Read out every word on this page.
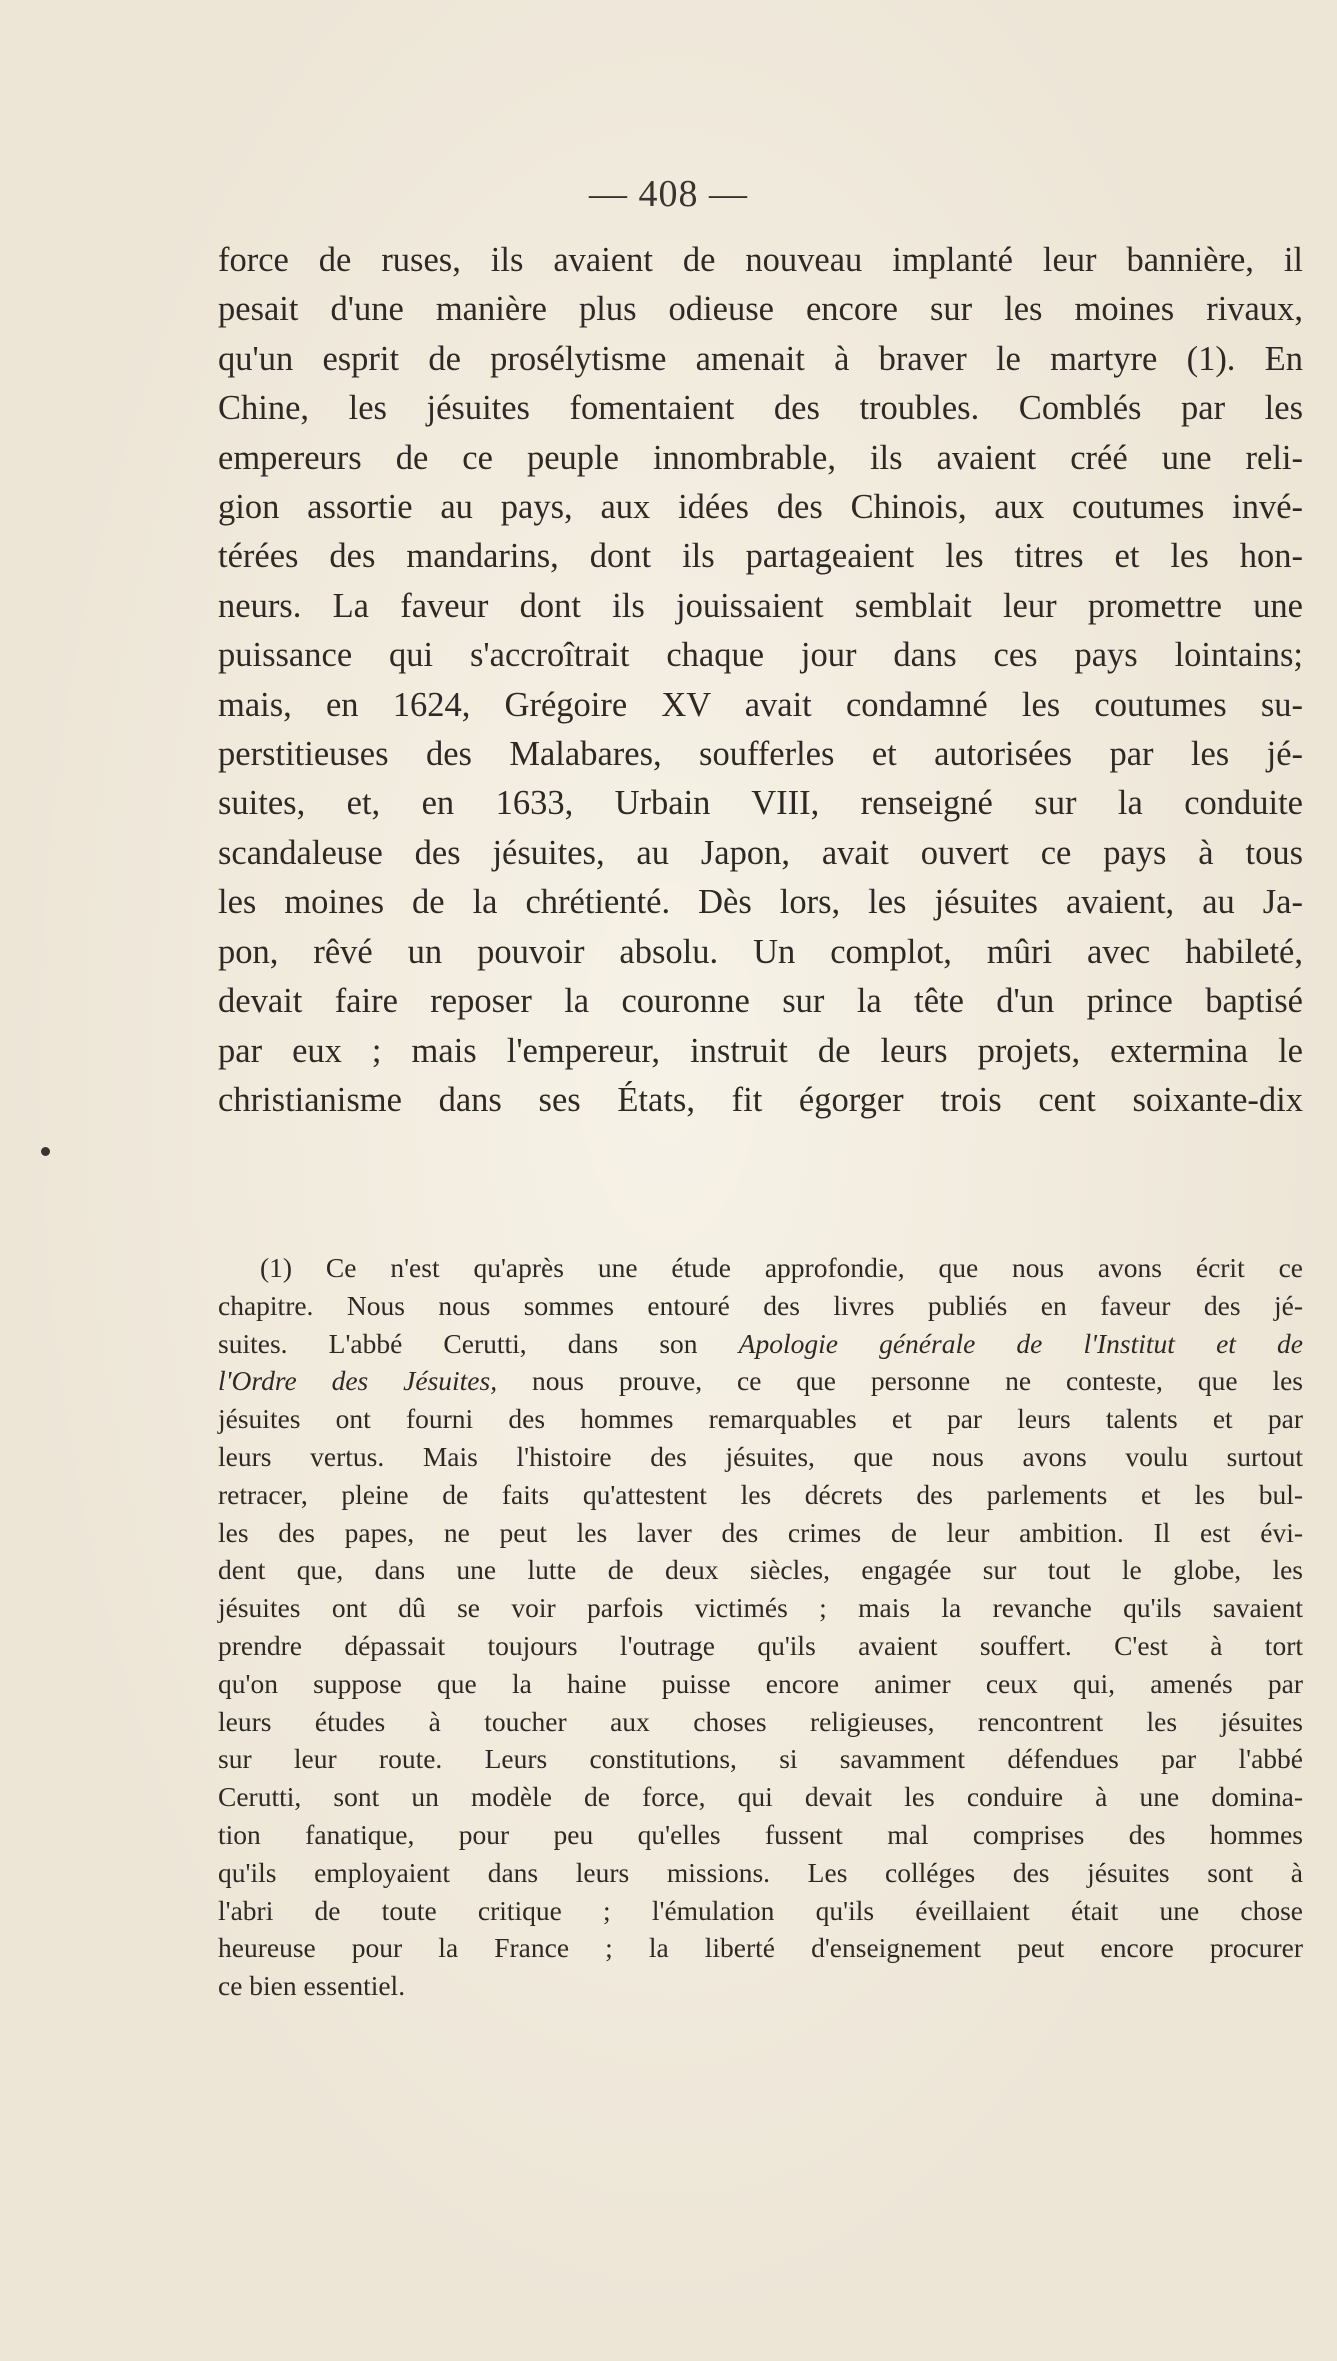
— 408 —
force de ruses, ils avaient de nouveau implanté leur bannière, il
pesait d'une manière plus odieuse encore sur les moines rivaux,
qu'un esprit de prosélytisme amenait à braver le martyre (1). En
Chine, les jésuites fomentaient des troubles. Comblés par les
empereurs de ce peuple innombrable, ils avaient créé une reli-
gion assortie au pays, aux idées des Chinois, aux coutumes invé-
térées des mandarins, dont ils partageaient les titres et les hon-
neurs. La faveur dont ils jouissaient semblait leur promettre une
puissance qui s'accroîtrait chaque jour dans ces pays lointains;
mais, en 1624, Grégoire XV avait condamné les coutumes su-
perstitieuses des Malabares, soufferles et autorisées par les jé-
suites, et, en 1633, Urbain VIII, renseigné sur la conduite
scandaleuse des jésuites, au Japon, avait ouvert ce pays à tous
les moines de la chrétienté. Dès lors, les jésuites avaient, au Ja-
pon, rêvé un pouvoir absolu. Un complot, mûri avec habileté,
devait faire reposer la couronne sur la tête d'un prince baptisé
par eux ; mais l'empereur, instruit de leurs projets, extermina le
christianisme dans ses États, fit égorger trois cent soixante-dix
(1) Ce n'est qu'après une étude approfondie, que nous avons écrit ce
chapitre. Nous nous sommes entouré des livres publiés en faveur des jé-
suites. L'abbé Cerutti, dans son Apologie générale de l'Institut et de
l'Ordre des Jésuites, nous prouve, ce que personne ne conteste, que les
jésuites ont fourni des hommes remarquables et par leurs talents et par
leurs vertus. Mais l'histoire des jésuites, que nous avons voulu surtout
retracer, pleine de faits qu'attestent les décrets des parlements et les bul-
les des papes, ne peut les laver des crimes de leur ambition. Il est évi-
dent que, dans une lutte de deux siècles, engagée sur tout le globe, les
jésuites ont dû se voir parfois victimés ; mais la revanche qu'ils savaient
prendre dépassait toujours l'outrage qu'ils avaient souffert. C'est à tort
qu'on suppose que la haine puisse encore animer ceux qui, amenés par
leurs études à toucher aux choses religieuses, rencontrent les jésuites
sur leur route. Leurs constitutions, si savamment défendues par l'abbé
Cerutti, sont un modèle de force, qui devait les conduire à une domina-
tion fanatique, pour peu qu'elles fussent mal comprises des hommes
qu'ils employaient dans leurs missions. Les colléges des jésuites sont à
l'abri de toute critique ; l'émulation qu'ils éveillaient était une chose
heureuse pour la France ; la liberté d'enseignement peut encore procurer
ce bien essentiel.
